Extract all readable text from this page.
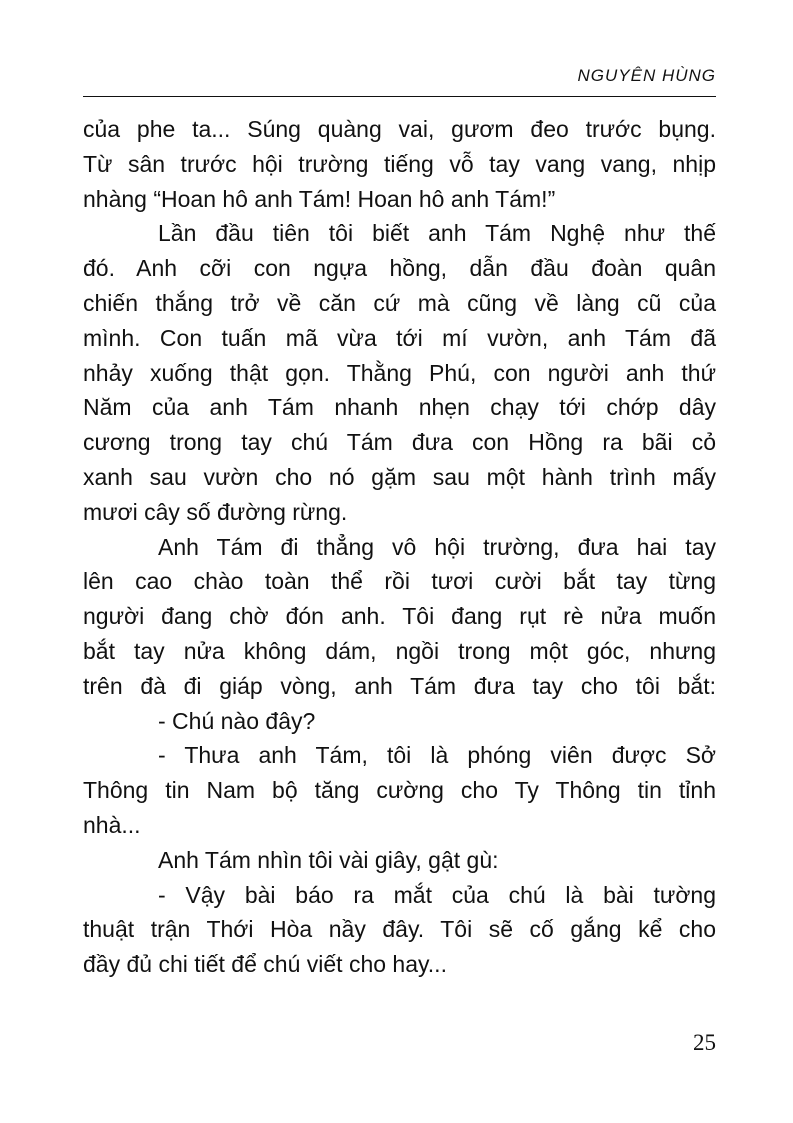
NGUYÊN HÙNG
của phe ta... Súng quàng vai, gươm đeo trước bụng.
Từ sân trước hội trường tiếng vỗ tay vang vang, nhịp
nhàng “Hoan hô anh Tám! Hoan hô anh Tám!”
Lần đầu tiên tôi biết anh Tám Nghệ như thế
đó. Anh cỡi con ngựa hồng, dẫn đầu đoàn quân
chiến thắng trở về căn cứ mà cũng về làng cũ của
mình. Con tuấn mã vừa tới mí vườn, anh Tám đã
nhảy xuống thật gọn. Thằng Phú, con người anh thứ
Năm của anh Tám nhanh nhẹn chạy tới chớp dây
cương trong tay chú Tám đưa con Hồng ra bãi cỏ
xanh sau vườn cho nó gặm sau một hành trình mấy
mươi cây số đường rừng.
Anh Tám đi thẳng vô hội trường, đưa hai tay
lên cao chào toàn thể rồi tươi cười bắt tay từng
người đang chờ đón anh. Tôi đang rụt rè nửa muốn
bắt tay nửa không dám, ngồi trong một góc, nhưng
trên đà đi giáp vòng, anh Tám đưa tay cho tôi bắt:
- Chú nào đây?
- Thưa anh Tám, tôi là phóng viên được Sở
Thông tin Nam bộ tăng cường cho Ty Thông tin tỉnh
nhà...
Anh Tám nhìn tôi vài giây, gật gù:
- Vậy bài báo ra mắt của chú là bài tường
thuật trận Thới Hòa nầy đây. Tôi sẽ cố gắng kể cho
đầy đủ chi tiết để chú viết cho hay...
25
